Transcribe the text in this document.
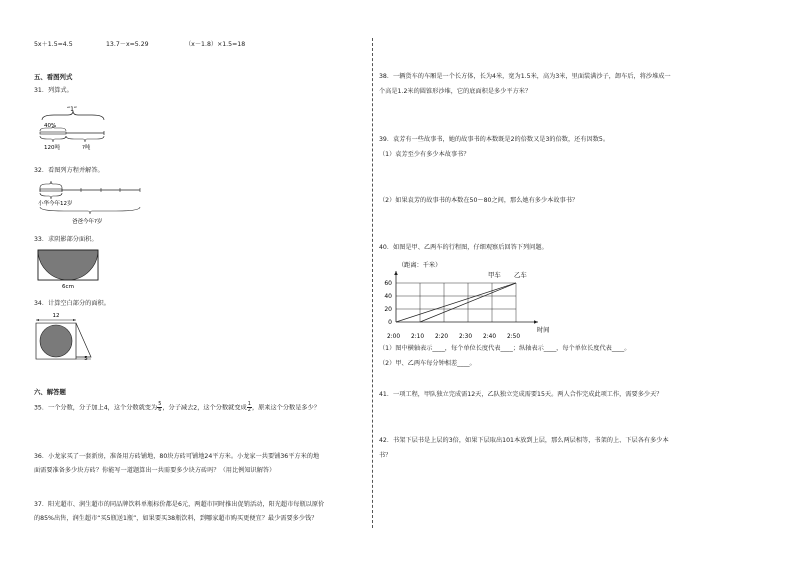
5x＋1.5=4.5	13.7－x=5.29	（x－1.8）×1.5=18
五、看图列式
31．列算式。
“1”
40%
120吨	?吨
32．看图列方程并解答。
小华今年12岁
爸爸今年?岁
33．求阴影部分面积。
6cm
34．计算空白部分的面积。
12
5
六、解答题
35．一个分数，分子加上4，这个分数就变为 $\frac{5}{6}$ ，分子减去2，这个分数就变成 $\frac{1}{2}$ ，原来这个分数是多少？
36．小龙家买了一套新房，准备用方砖铺地，80块方砖可铺地24平方米。小龙家一共要铺36平方米的地
面需要准备多少块方砖？你能写一道题算出一共需要多少块方砖吗？（用比例知识解答）
37．阳光超市、润生超市的同品牌饮料单瓶标价都是6元，两超市同时推出促销活动，阳光超市每瓶以原价
的85%出售，润生超市“买5瓶送1瓶”，如果要买38瓶饮料，到哪家超市购买更便宜？最少需要多少钱？
38．一辆货车的车厢是一个长方体，长为4米，宽为1.5米，高为3米，里面装满沙子，卸车后，将沙堆成一
个高是1.2米的圆锥形沙堆，它的底面积是多少平方米？
39．袁芳有一些故事书，她的故事书的本数既是2的倍数又是3的倍数，还有因数5。
（1）袁芳至少有多少本故事书？
（2）如果袁芳的故事书的本数在50～80之间，那么她有多少本故事书？
40．如图是甲、乙两车的行程图，仔细观察后回答下列问题。
（距离：千米）
时间
0
20
40
60
2:00 2:10 2:20 2:30 2:40 2:50
甲车 乙车
（1）图中横轴表示____，每个单位长度代表____；纵轴表示____，每个单位长度代表____。
（2）甲、乙两车每分钟相差____。
41．一项工程，甲队独立完成需12天，乙队独立完成需要15天。两人合作完成此项工作，需要多少天？
42．书架下层书是上层的3倍，如果下层取出101本放到上层，那么两层相等，书架的上、下层各有多少本
书？
